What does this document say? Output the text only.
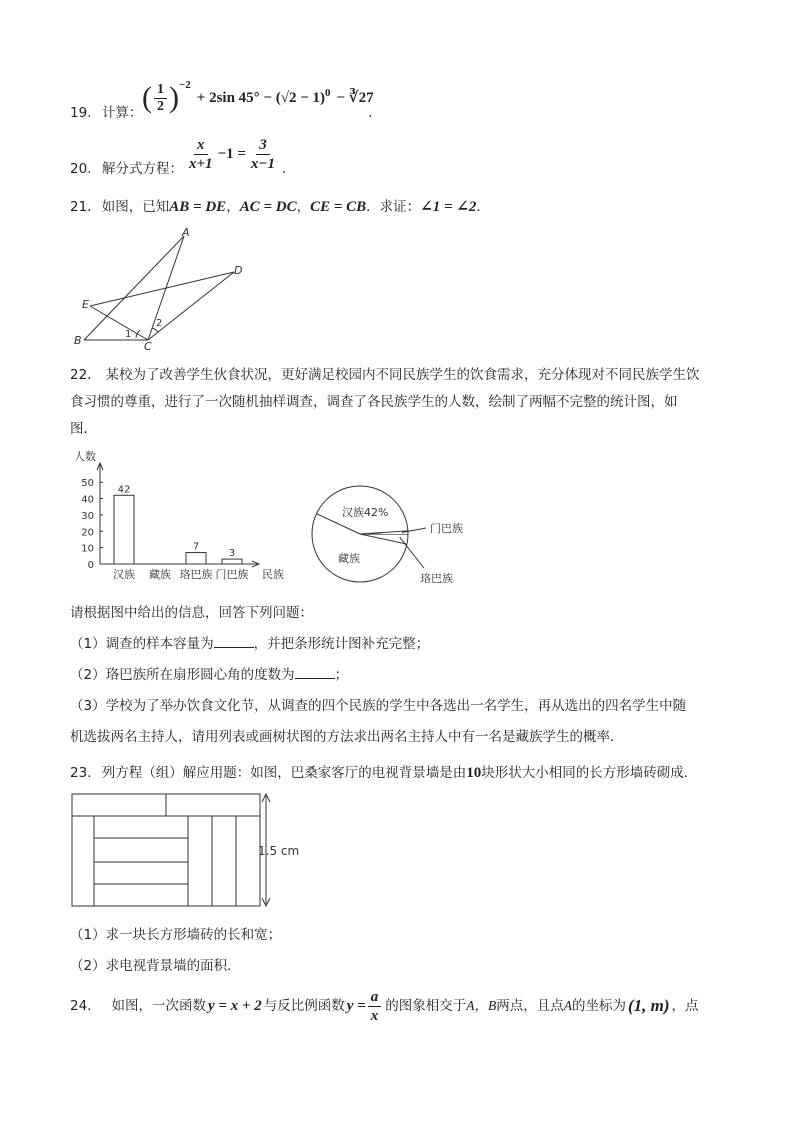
19. 计算： ( $\frac{1}{2} )^{-2}$
+ 2sin $45^\circ - (√2 - 1)^0$ − ∛27
.
20. 解分式方程： $\frac{x}{x+1} -1 = \frac{3}{x-1}$ .
21. 如图，已知AB = DE，AC = DC，CE = CB．求证：∠1 = ∠2．
A
B	C
D
E
1
2
22. 某校为了改善学生伙食状况，更好满足校园内不同民族学生的饮食需求，充分体现对不同民族学生饮
食习惯的尊重，进行了一次随机抽样调查，调查了各民族学生的人数，绘制了两幅不完整的统计图，如
图．
人数
0
10
20
30
40
50
42
汉族 藏族
7
珞巴族
3
门巴族 民族
汉族42%
藏族
门巴族
珞巴族
请根据图中给出的信息，回答下列问题：
（1）调查的样本容量为	，并把条形统计图补充完整；
（2）珞巴族所在扇形圆心角的度数为	；
（3）学校为了举办饮食文化节，从调查的四个民族的学生中各选出一名学生，再从选出的四名学生中随
机选拔两名主持人，请用列表或画树状图的方法求出两名主持人中有一名是藏族学生的概率．
23. 列方程（组）解应用题：如图，巴桑家客厅的电视背景墙是由10块形状大小相同的长方形墙砖砌成．
1.5 cm
（1）求一块长方形墙砖的长和宽；
（2）求电视背景墙的面积．
24. 如图，一次函数 y = x + 2 与反比例函数 $y = \frac{a}{x}$ 的图象相交于 A，B 两点，且点 A 的坐标为 (1, m) ，点
